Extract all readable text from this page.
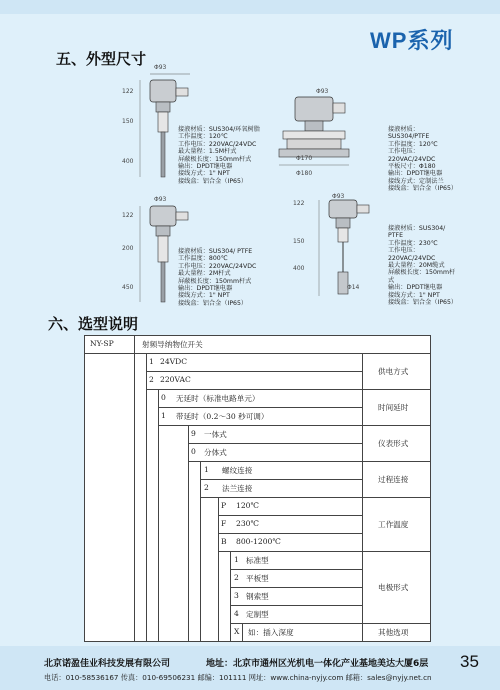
WP系列
五、外型尺寸 Φ93
122
150
400
接液材质：SUS304/环氧树脂
工作温度：120℃
工作电压：220VAC/24VDC
最大量程：1.5M杆式
屏蔽极长度：150mm杆式
输出：DPDT继电器
接线方式：1" NPT
接线盒：铝合金（IP65）
Φ93
Φ170
Φ180
接液材质：SUS304/PTFE
工作温度：120℃
工作电压：220VAC/24VDC
平板尺寸：Φ180
输出：DPDT继电器
接线方式：定制法兰
接线盒：铝合金（IP65）
Φ93
122
200
450
接液材质：SUS304/ PTFE
工作温度：800℃
工作电压：220VAC/24VDC
最大量程：2M杆式
屏蔽极长度：150mm杆式
输出：DPDT继电器
接线方式：1" NPT
接线盒：铝合金（IP65）
Φ93
122
150
400
Φ14
接液材质：SUS304/ PTFE
工作温度：230℃
工作电压：220VAC/24VDC
最大量程：20M缆式
屏蔽极长度：150mm杆式
输出：DPDT继电器
接线方式：1" NPT
接线盒：铝合金（IP65）
六、选型说明
NY-SP	射频导纳物位开关
1 24VDC
2 220VAC
0 无延时（标准电路单元）
1 带延时（0.2～30 秒可调）
9 一体式
0 分体式
1 螺纹连接
2 法兰连接
P 120℃
F 230℃
B 800-1200℃
1 标准型
2 平板型
3 钢索型
4 定制型
X 如：插入深度
供电方式
时间延时
仪表形式
过程连接
工作温度
电极形式
其他选项
北京诺盈佳业科技发展有限公司	地址：北京市通州区光机电一体化产业基地美达大厦6层
电话：010-58536167 传真：010-69506231 邮编：101111 网址：www.china-nyjy.com 邮箱：sales@nyjy.net.cn
35
